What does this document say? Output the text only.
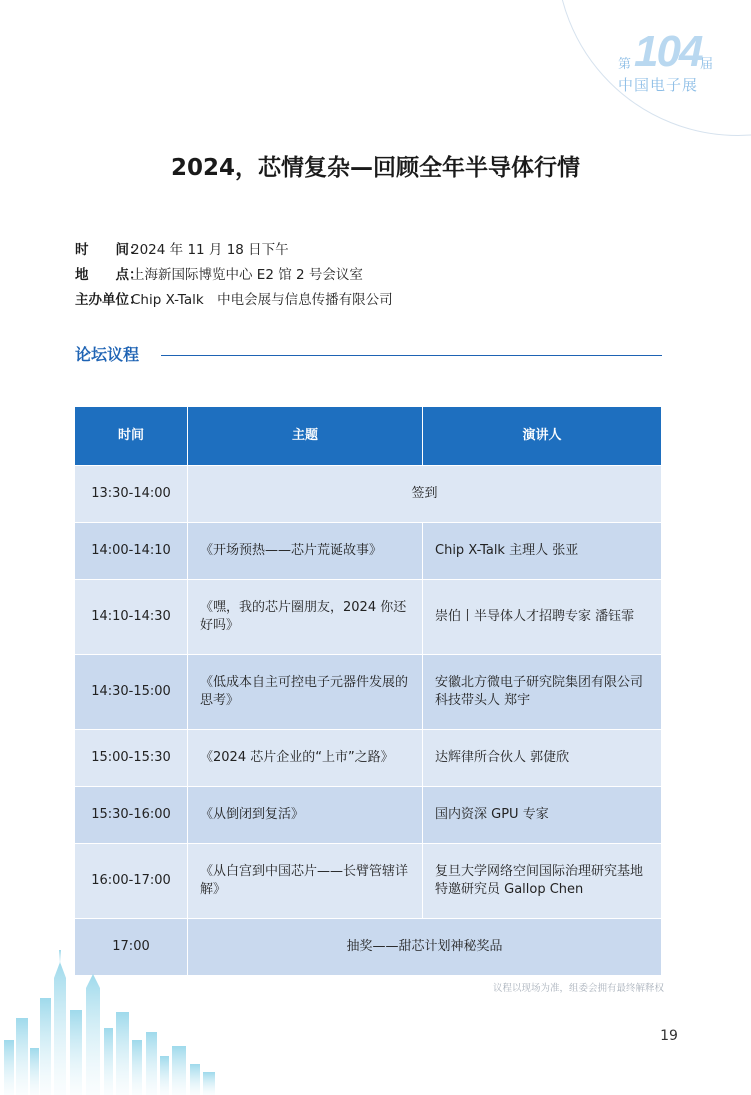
104
第	届
中国电子展
2024，芯情复杂—回顾全年半导体行情
时　　间：
2024 年 11 月 18 日下午
地　　点：
上海新国际博览中心 E2 馆 2 号会议室
主办单位：
Chip X-Talk　中电会展与信息传播有限公司
论坛议程
时间	主题	演讲人
13:30-14:00	签到	
14:00-14:10	《开场预热——芯片荒诞故事》	Chip X-Talk 主理人 张亚
14:10-14:30	《嘿，我的芯片圈朋友，2024 你还好吗》	崇伯丨半导体人才招聘专家 潘钰霏
14:30-15:00	《低成本自主可控电子元器件发展的思考》	安徽北方微电子研究院集团有限公司科技带头人 郑宇
15:00-15:30	《2024 芯片企业的“上市”之路》	达辉律所合伙人 郭倢欣
15:30-16:00	《从倒闭到复活》	国内资深 GPU 专家
16:00-17:00	《从白宫到中国芯片——长臂管辖详解》	复旦大学网络空间国际治理研究基地特邀研究员 Gallop Chen
17:00	抽奖——甜芯计划神秘奖品	
议程以现场为准，组委会拥有最终解释权
19
